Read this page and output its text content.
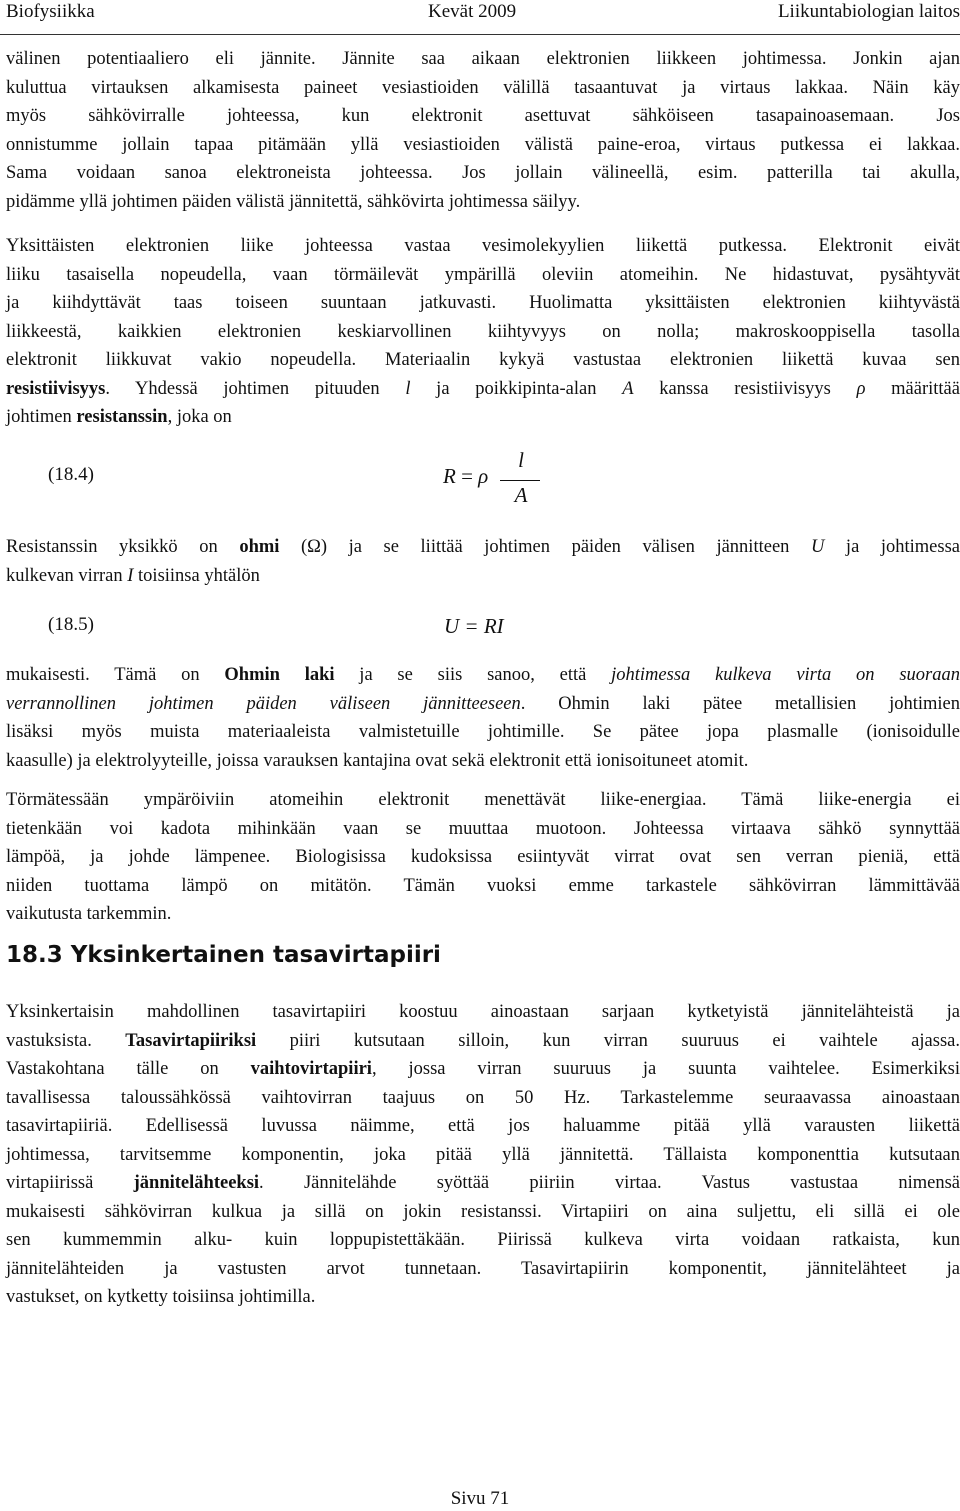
Biofysiikka	Kevät 2009	Liikuntabiologian laitos
välinen potentiaaliero eli jännite. Jännite saa aikaan elektronien liikkeen johtimessa. Jonkin ajan
kuluttua virtauksen alkamisesta paineet vesiastioiden välillä tasaantuvat ja virtaus lakkaa. Näin käy
myös sähkövirralle johteessa, kun elektronit asettuvat sähköiseen tasapainoasemaan. Jos
onnistumme jollain tapaa pitämään yllä vesiastioiden välistä paine-eroa, virtaus putkessa ei lakkaa.
Sama voidaan sanoa elektroneista johteessa. Jos jollain välineellä, esim. patterilla tai akulla,
pidämme yllä johtimen päiden välistä jännitettä, sähkövirta johtimessa säilyy.
Yksittäisten elektronien liike johteessa vastaa vesimolekyylien liikettä putkessa. Elektronit eivät
liiku tasaisella nopeudella, vaan törmäilevät ympärillä oleviin atomeihin. Ne hidastuvat, pysähtyvät
ja kiihdyttävät taas toiseen suuntaan jatkuvasti. Huolimatta yksittäisten elektronien kiihtyvästä
liikkeestä, kaikkien elektronien keskiarvollinen kiihtyvyys on nolla; makroskooppisella tasolla
elektronit liikkuvat vakio nopeudella. Materiaalin kykyä vastustaa elektronien liikettä kuvaa sen
resistiivisyys. Yhdessä johtimen pituuden l ja poikkipinta-alan A kanssa resistiivisyys ρ määrittää
johtimen resistanssin, joka on
(18.4)	R = ρ
l
A
Resistanssin yksikkö on ohmi (Ω) ja se liittää johtimen päiden välisen jännitteen U ja johtimessa
kulkevan virran I toisiinsa yhtälön
(18.5)	U = RI
mukaisesti. Tämä on Ohmin laki ja se siis sanoo, että johtimessa kulkeva virta on suoraan
verrannollinen johtimen päiden väliseen jännitteeseen. Ohmin laki pätee metallisien johtimien
lisäksi myös muista materiaaleista valmistetuille johtimille. Se pätee jopa plasmalle (ionisoidulle
kaasulle) ja elektrolyyteille, joissa varauksen kantajina ovat sekä elektronit että ionisoituneet atomit.
Törmätessään ympäröiviin atomeihin elektronit menettävät liike-energiaa. Tämä liike-energia ei
tietenkään voi kadota mihinkään vaan se muuttaa muotoon. Johteessa virtaava sähkö synnyttää
lämpöä, ja johde lämpenee. Biologisissa kudoksissa esiintyvät virrat ovat sen verran pieniä, että
niiden tuottama lämpö on mitätön. Tämän vuoksi emme tarkastele sähkövirran lämmittävää
vaikutusta tarkemmin.
18.3 Yksinkertainen tasavirtapiiri
Yksinkertaisin mahdollinen tasavirtapiiri koostuu ainoastaan sarjaan kytketyistä jännitelähteistä ja
vastuksista. Tasavirtapiiriksi piiri kutsutaan silloin, kun virran suuruus ei vaihtele ajassa.
Vastakohtana tälle on vaihtovirtapiiri, jossa virran suuruus ja suunta vaihtelee. Esimerkiksi
tavallisessa taloussähkössä vaihtovirran taajuus on 50 Hz. Tarkastelemme seuraavassa ainoastaan
tasavirtapiiriä. Edellisessä luvussa näimme, että jos haluamme pitää yllä varausten liikettä
johtimessa, tarvitsemme komponentin, joka pitää yllä jännitettä. Tällaista komponenttia kutsutaan
virtapiirissä jännitelähteeksi. Jännitelähde syöttää piiriin virtaa. Vastus vastustaa nimensä
mukaisesti sähkövirran kulkua ja sillä on jokin resistanssi. Virtapiiri on aina suljettu, eli sillä ei ole
sen kummemmin alku- kuin loppupistettäkään. Piirissä kulkeva virta voidaan ratkaista, kun
jännitelähteiden ja vastusten arvot tunnetaan. Tasavirtapiirin komponentit, jännitelähteet ja
vastukset, on kytketty toisiinsa johtimilla.
Sivu 71
